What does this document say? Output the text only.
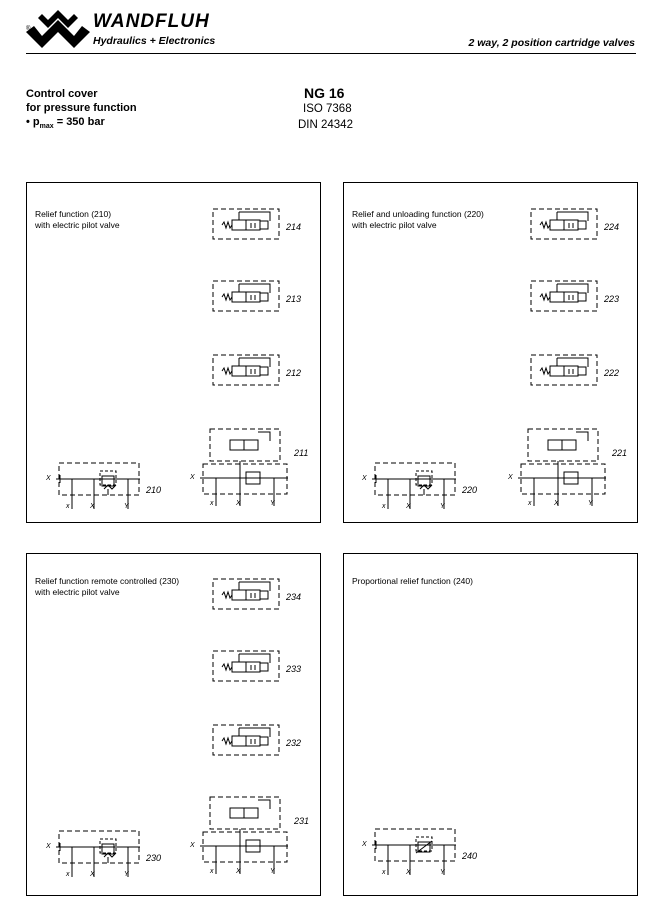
®	WANDFLUH
Hydraulics + Electronics	2 way, 2 position cartridge valves
Control cover
for pressure function
• $p_{max} = 350$ bar
NG 16
ISO 7368
DIN 24342
Relief function (210)
with electric pilot valve
Relief and unloading function (220)
with electric pilot valve
Relief function remote controlled (230)
with electric pilot valve
Proportional relief function (240)
214
213
212
211
x	X	Y
X
210
x	X	Y
X
224
223
222
221
x	X	Y
X
220
x	X	Y
X
234
233
232
231
x	X	Y
X
230
x	X	Y
X
240
x	X	Y
X
